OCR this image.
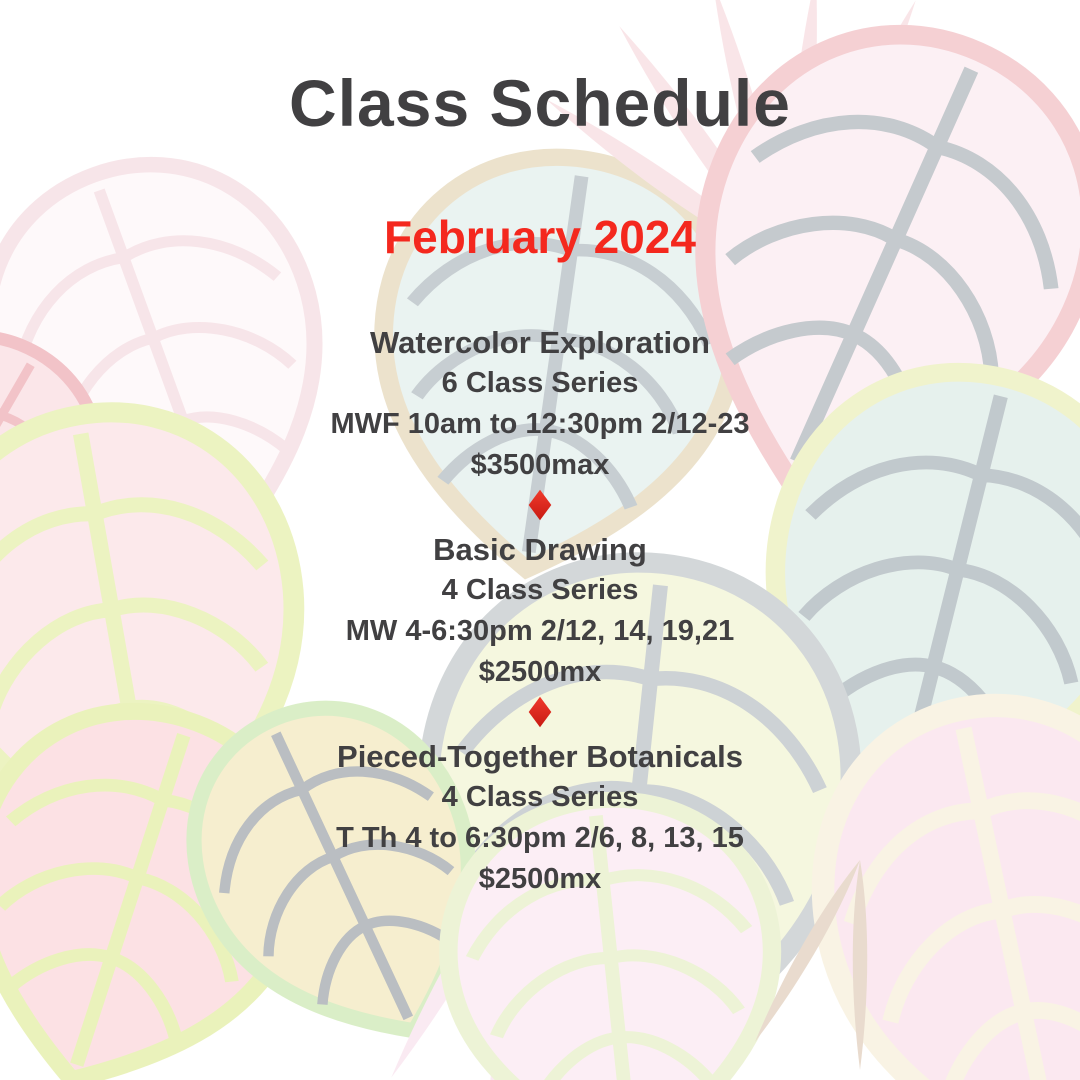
Class Schedule
February 2024
Watercolor Exploration
6 Class Series
MWF 10am to 12:30pm 2/12-23
$3500max
Basic Drawing
4 Class Series
MW 4-6:30pm 2/12, 14, 19,21
$2500mx
Pieced-Together Botanicals
4 Class Series
T Th 4 to 6:30pm 2/6, 8, 13, 15
$2500mx
